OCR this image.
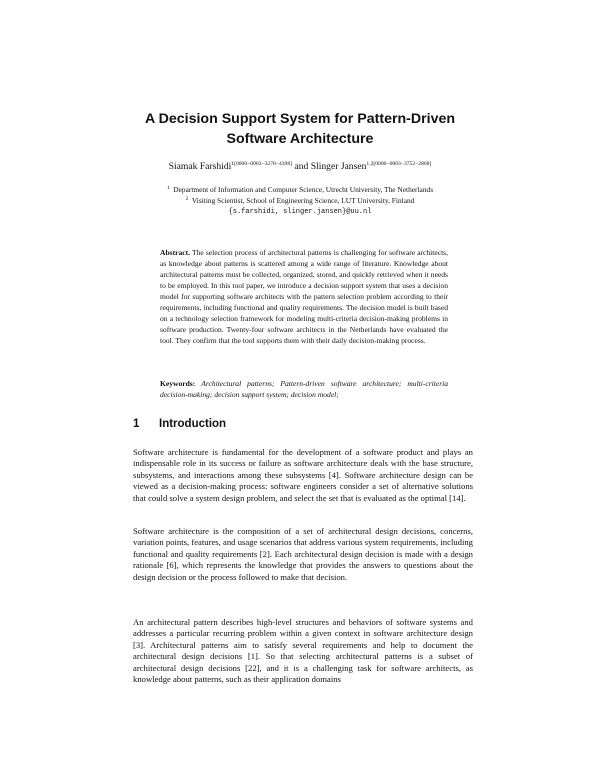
A Decision Support System for Pattern-Driven
Software Architecture
Siamak Farshidi$^{1[0000-0003-3270-4398]}$ and Slinger Jansen$^{1,2[0000-0003-3752-2868]}$
$^1$ Department of Information and Computer Science, Utrecht University, The Netherlands
$^2$ Visiting Scientist, School of Engineering Science, LUT University, Finland
{s.farshidi, slinger.jansen}@uu.nl
Abstract. The selection process of architectural patterns is challenging for software architects, as knowledge about patterns is scattered among a wide range of literature. Knowledge about architectural patterns must be collected, organized, stored, and quickly retrieved when it needs to be employed. In this tool paper, we introduce a decision support system that uses a decision model for supporting software architects with the pattern selection problem according to their requirements, including functional and quality requirements. The decision model is built based on a technology selection framework for modeling multi-criteria decision-making problems in software production. Twenty-four software architects in the Netherlands have evaluated the tool. They confirm that the tool supports them with their daily decision-making process.
Keywords: Architectural patterns; Pattern-driven software architecture; multi-criteria decision-making; decision support system; decision model;
1 Introduction
Software architecture is fundamental for the development of a software product and plays an indispensable role in its success or failure as software architecture deals with the base structure, subsystems, and interactions among these subsystems [4]. Software architecture design can be viewed as a decision-making process: software engineers consider a set of alternative solutions that could solve a system design problem, and select the set that is evaluated as the optimal [14].
Software architecture is the composition of a set of architectural design decisions, concerns, variation points, features, and usage scenarios that address various system requirements, including functional and quality requirements [2]. Each architectural design decision is made with a design rationale [6], which represents the knowledge that provides the answers to questions about the design decision or the process followed to make that decision.
An architectural pattern describes high-level structures and behaviors of software systems and addresses a particular recurring problem within a given context in software architecture design [3]. Architectural patterns aim to satisfy several requirements and help to document the architectural design decisions [1]. So that selecting architectural patterns is a subset of architectural design decisions [22], and it is a challenging task for software architects, as knowledge about patterns, such as their application domains
